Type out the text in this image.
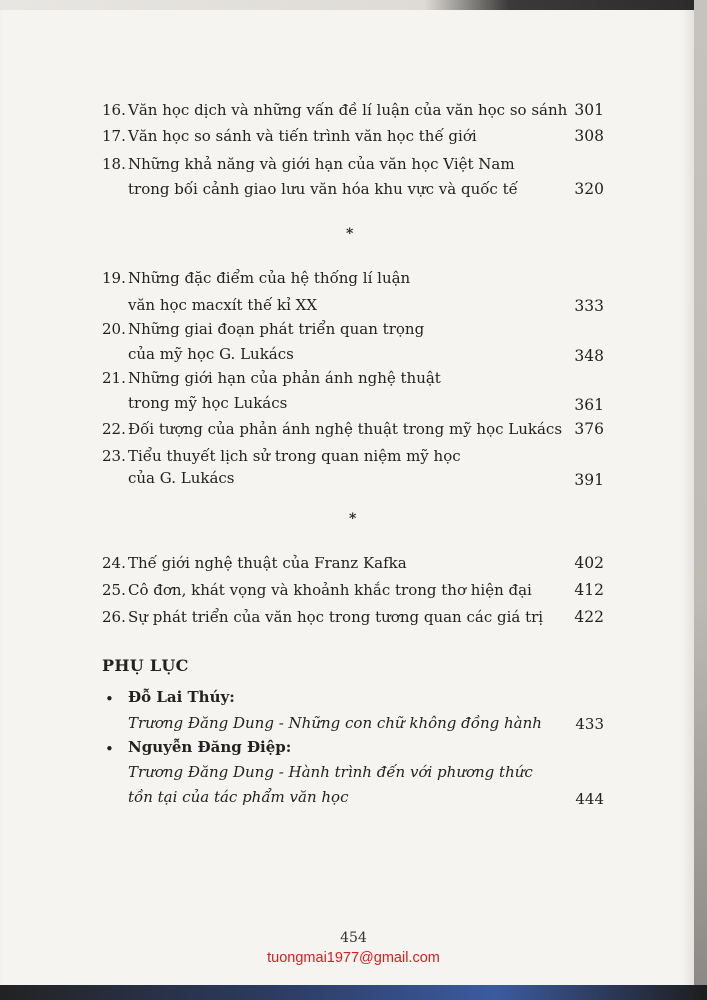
16. Văn học dịch và những vấn đề lí luận của văn học so sánh 301
17. Văn học so sánh và tiến trình văn học thế giới	308
18. Những khả năng và giới hạn của văn học Việt Nam
trong bối cảnh giao lưu văn hóa khu vực và quốc tế	320
*
19. Những đặc điểm của hệ thống lí luận
văn học macxít thế kỉ XX	333
20. Những giai đoạn phát triển quan trọng
của mỹ học G. Lukács	348
21. Những giới hạn của phản ánh nghệ thuật
trong mỹ học Lukács	361
22. Đối tượng của phản ánh nghệ thuật trong mỹ học Lukács 376
23. Tiểu thuyết lịch sử trong quan niệm mỹ học
của G. Lukács	391
*
24. Thế giới nghệ thuật của Franz Kafka	402
25. Cô đơn, khát vọng và khoảnh khắc trong thơ hiện đại	412
26. Sự phát triển của văn học trong tương quan các giá trị 422
PHỤ LỤC
• Đỗ Lai Thúy:
Trương Đăng Dung - Những con chữ không đồng hành 433
• Nguyễn Đăng Điệp:
Trương Đăng Dung - Hành trình đến với phương thức
tồn tại của tác phẩm văn học	444
454
tuongmai1977@gmail.com
